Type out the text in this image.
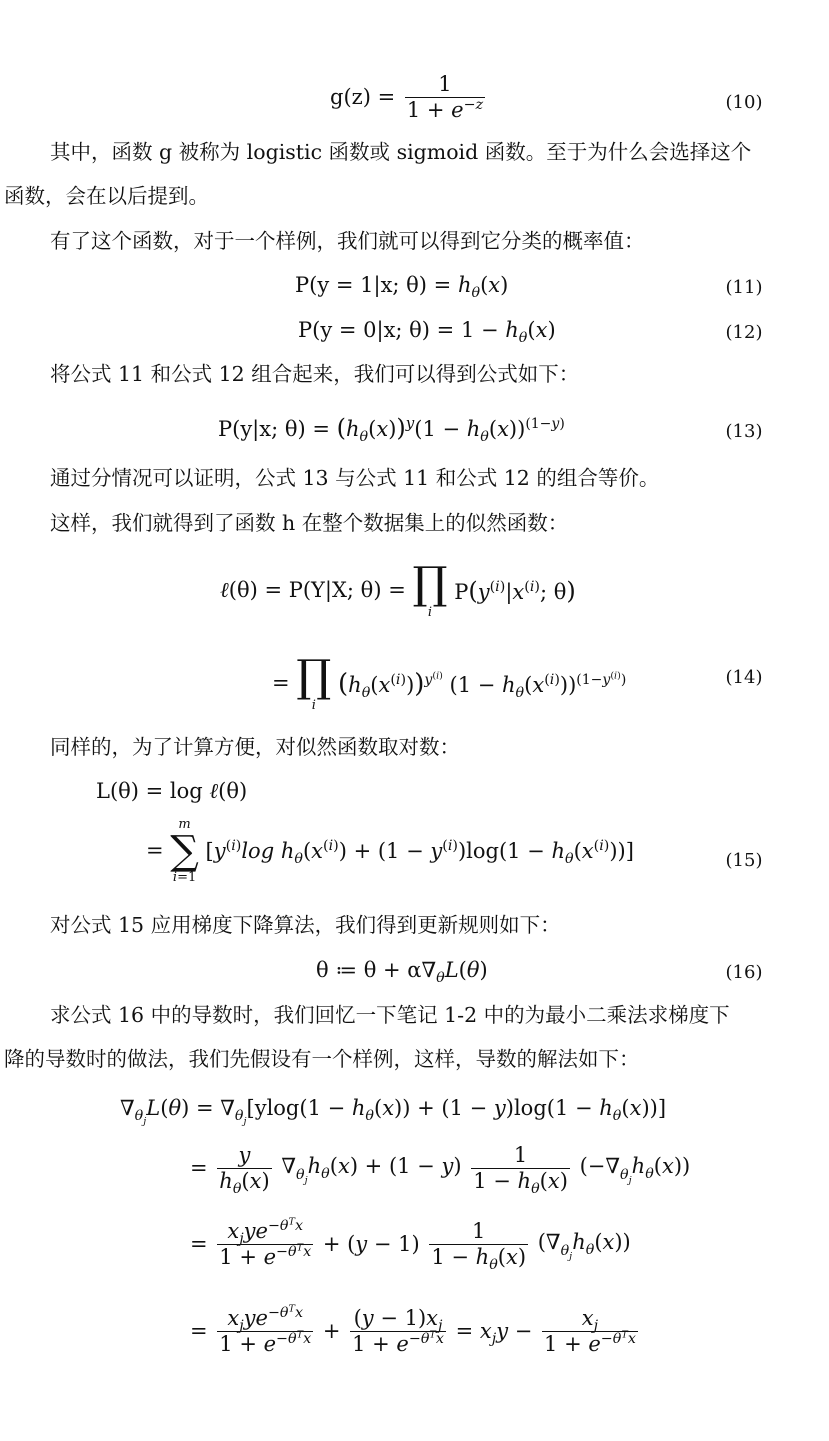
$g(z) = \frac{1}{1 + e^{-z}}$	(10)
其中，函数 g 被称为 logistic 函数或 sigmoid 函数。至于为什么会选择这个
函数，会在以后提到。
有了这个函数，对于一个样例，我们就可以得到它分类的概率值：
P(y = 1|x; $\theta) = h_\theta(x)$	(11)
P(y = 0|x; $\theta) = 1 - h_\theta(x)$	(12)
将公式 11 和公式 12 组合起来，我们可以得到公式如下：
P(y|x; $\theta) = (h_\theta(x))^y(1 - h_\theta(x))^{(1-y)}$	(13)
通过分情况可以证明，公式 13 与公式 11 和公式 12 的组合等价。
这样，我们就得到了函数 h 在整个数据集上的似然函数：
ℓ(θ) = P(Y|X; θ) = ∏
i
$P(y^{(i)}|x^{(i)}$; θ)
= ∏
i
$(h_\theta(x^{(i)}))^{y^{(i)}}$ $(1 - h_\theta(x^{(i)}))^{(1-y^{(i)})}$	(14)
同样的，为了计算方便，对似然函数取对数：
L(θ) = log ℓ(θ)
=
m
∑
i=1
[$y^{(i)}\log$ $h_\theta(x^{(i)}) + (1 - y^{(i)})\log(1 - h_\theta(x^{(i)}))$]	(15)
对公式 15 应用梯度下降算法，我们得到更新规则如下：
θ ≔ $\theta + \alpha\nabla_\theta L(\theta)$	(16)
求公式 16 中的导数时，我们回忆一下笔记 1-2 中的为最小二乘法求梯度下
降的导数时的做法，我们先假设有一个样例，这样，导数的解法如下：
$\nabla_{\theta_j}L(\theta) = \nabla_{\theta_j}[ylog(1 - h_\theta(x)) + (1 - y)\log(1 - h_\theta(x))]$
= $\frac{y}{h_\theta(x)} \nabla_{\theta_j}h_\theta(x) + (1 - y) \frac{1}{1 - h_\theta(x)} (-\nabla_{\theta_j}h_\theta(x))$
= $\frac{x_jye^{-\theta^Tx}}{1 + e^{-\theta^Tx}} + (y - 1) \frac{1}{1 - h_\theta(x)} (\nabla_{\theta_j}h_\theta(x))$
= $\frac{x_jye^{-\theta^Tx}}{1 + e^{-\theta^Tx}} + \frac{(y - 1)x_j}{1 + e^{-\theta^Tx}} = x_jy - \frac{x_j}{1 + e^{-\theta^Tx}}$
